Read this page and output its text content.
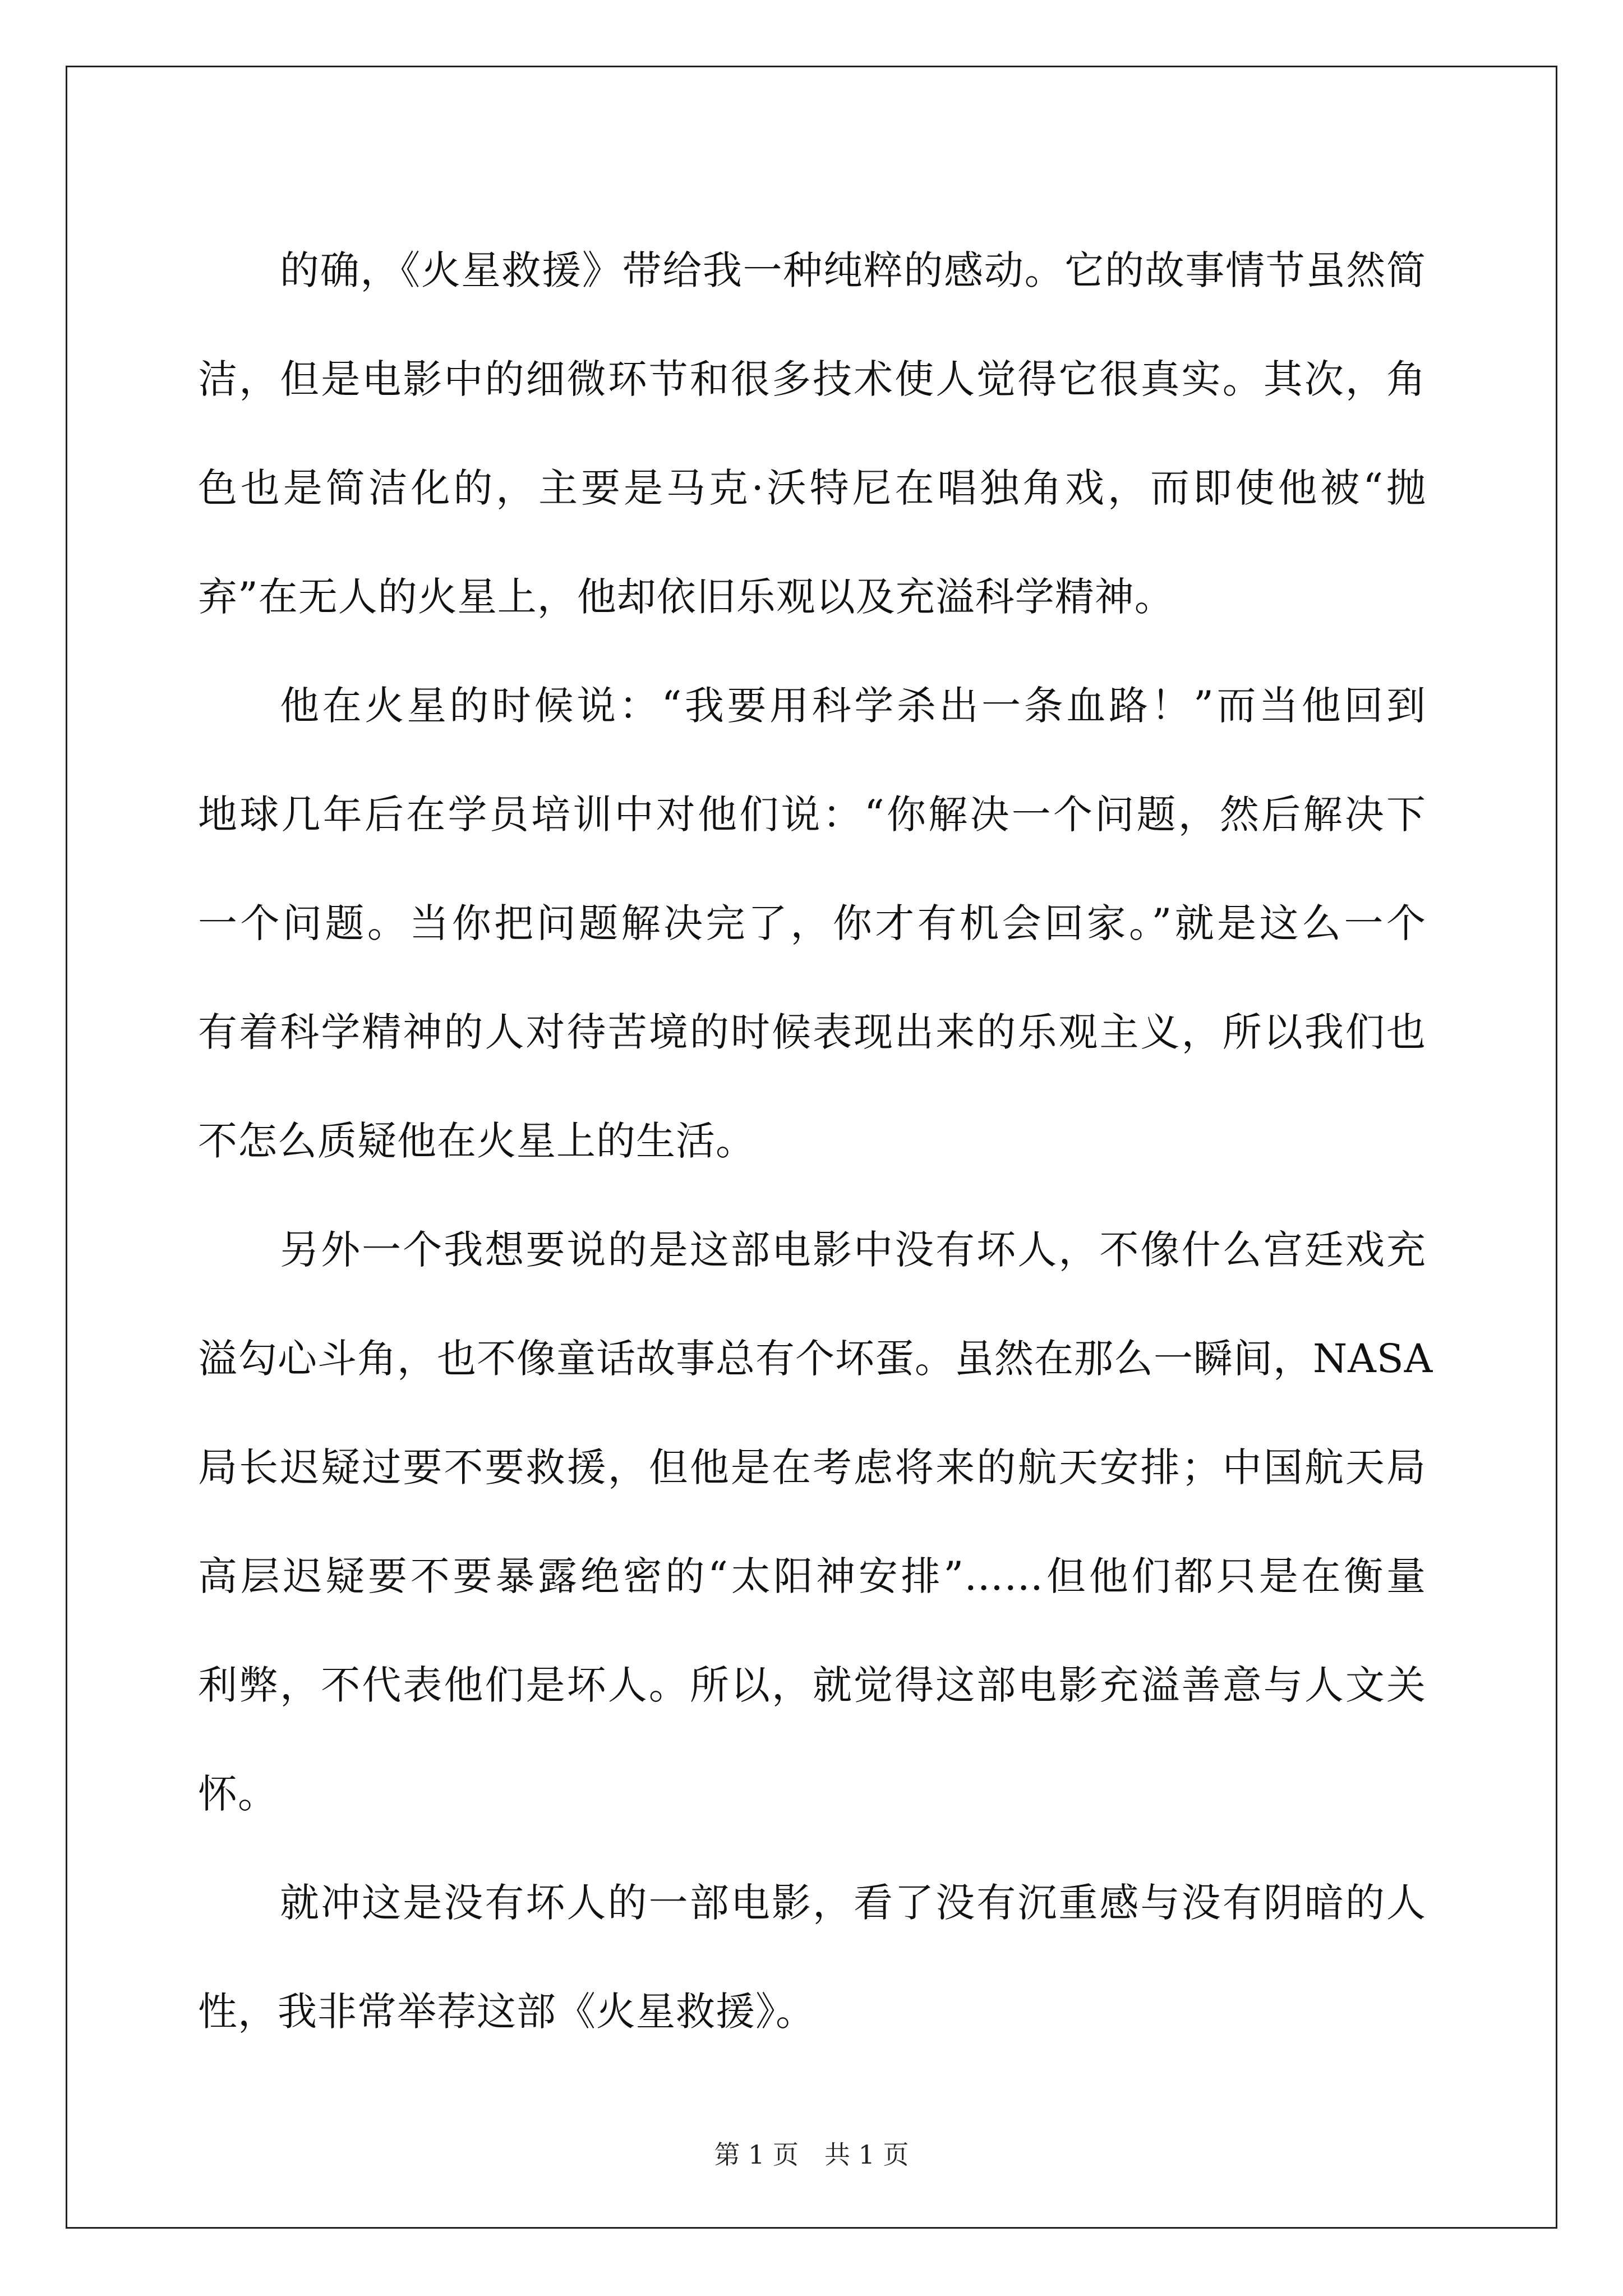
的确，《火星救援》带给我一种纯粹的感动。它的故事情节虽然简
洁，但是电影中的细微环节和很多技术使人觉得它很真实。其次，角
色也是简洁化的，主要是马克·沃特尼在唱独角戏，而即使他被“抛
弃”在无人的火星上，他却依旧乐观以及充溢科学精神。

他在火星的时候说：“我要用科学杀出一条血路！”而当他回到
地球几年后在学员培训中对他们说：“你解决一个问题，然后解决下
一个问题。当你把问题解决完了，你才有机会回家。”就是这么一个
有着科学精神的人对待苦境的时候表现出来的乐观主义，所以我们也
不怎么质疑他在火星上的生活。

另外一个我想要说的是这部电影中没有坏人，不像什么宫廷戏充
溢勾心斗角，也不像童话故事总有个坏蛋。虽然在那么一瞬间，NASA
局长迟疑过要不要救援，但他是在考虑将来的航天安排；中国航天局
高层迟疑要不要暴露绝密的“太阳神安排”……但他们都只是在衡量
利弊，不代表他们是坏人。所以，就觉得这部电影充溢善意与人文关
怀。

就冲这是没有坏人的一部电影，看了没有沉重感与没有阴暗的人
性，我非常举荐这部《火星救援》。

第 1 页　共 1 页
